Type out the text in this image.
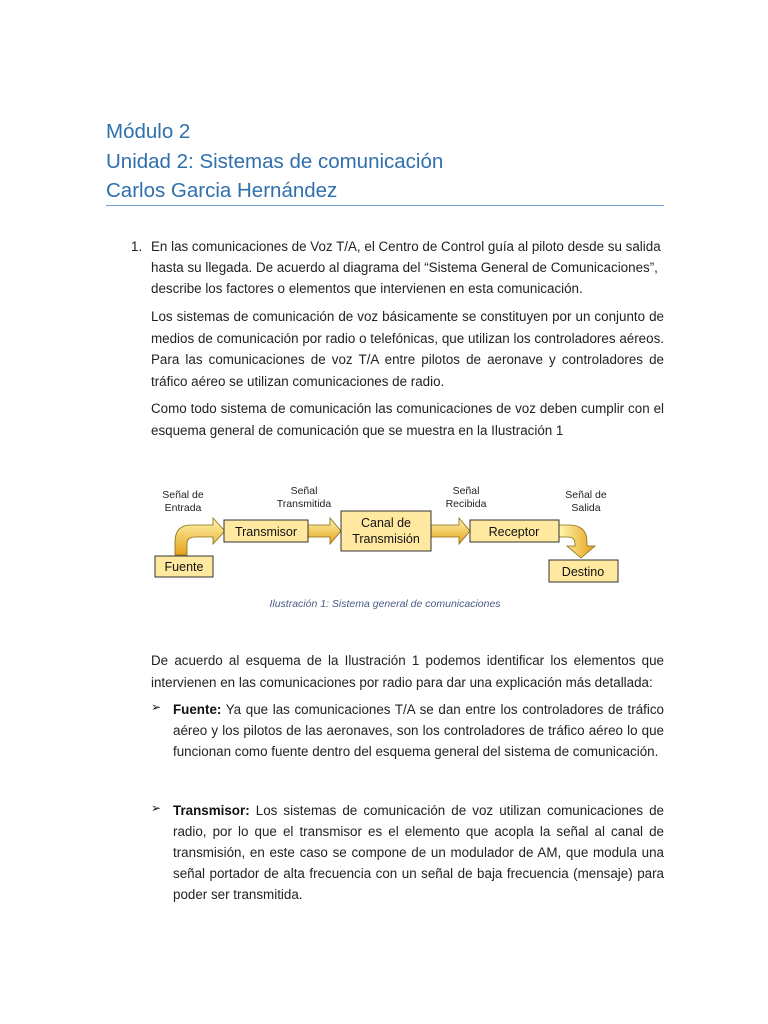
Módulo 2
Unidad 2: Sistemas de comunicación
Carlos Garcia Hernández
1. En las comunicaciones de Voz T/A, el Centro de Control guía al piloto desde su salida hasta su llegada. De acuerdo al diagrama del “Sistema General de Comunicaciones”, describe los factores o elementos que intervienen en esta comunicación.
Los sistemas de comunicación de voz básicamente se constituyen por un conjunto de medios de comunicación por radio o telefónicas, que utilizan los controladores aéreos. Para las comunicaciones de voz T/A entre pilotos de aeronave y controladores de tráfico aéreo se utilizan comunicaciones de radio.
Como todo sistema de comunicación las comunicaciones de voz deben cumplir con el esquema general de comunicación que se muestra en la Ilustración 1
Fuente
Transmisor
Canal de
Transmisión	Receptor
Destino
Señal de
Entrada
Señal
Transmitida
Señal
Recibida
Señal de
Salida
Ilustración 1: Sistema general de comunicaciones
De acuerdo al esquema de la Ilustración 1 podemos identificar los elementos que intervienen en las comunicaciones por radio para dar una explicación más detallada:
➢ Fuente: Ya que las comunicaciones T/A se dan entre los controladores de tráfico aéreo y los pilotos de las aeronaves, son los controladores de tráfico aéreo lo que funcionan como fuente dentro del esquema general del sistema de comunicación.
➢ Transmisor: Los sistemas de comunicación de voz utilizan comunicaciones de radio, por lo que el transmisor es el elemento que acopla la señal al canal de transmisión, en este caso se compone de un modulador de AM, que modula una señal portador de alta frecuencia con un señal de baja frecuencia (mensaje) para poder ser transmitida.
